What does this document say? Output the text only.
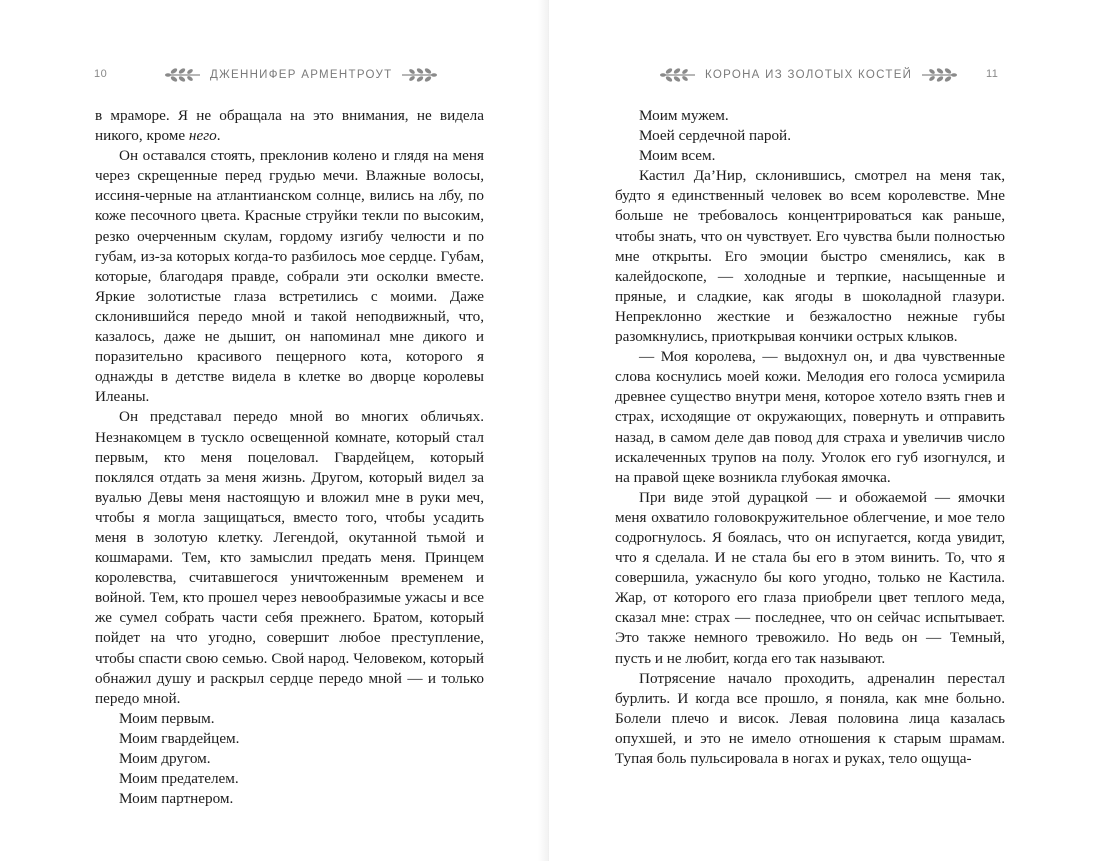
10	ДЖЕННИФЕР АРМЕНТРОУТ

в мраморе. Я не обращала на это внимания, не видела никого, кроме него.

Он оставался стоять, преклонив колено и глядя на меня через скрещенные перед грудью мечи. Влажные волосы, иссиня-черные на атлантианском солнце, вились на лбу, по коже песочного цвета. Красные струйки текли по высоким, резко очерченным скулам, гордому изгибу челюсти и по губам, из-за которых когда-то разбилось мое сердце. Губам, которые, благодаря правде, собрали эти осколки вместе. Яркие золотистые глаза встретились с моими. Даже склонившийся передо мной и такой неподвижный, что, казалось, даже не дышит, он напоминал мне дикого и поразительно красивого пещерного кота, которого я однажды в детстве видела в клетке во дворце королевы Илеаны.

Он представал передо мной во многих обличьях. Незнакомцем в тускло освещенной комнате, который стал первым, кто меня поцеловал. Гвардейцем, который поклялся отдать за меня жизнь. Другом, который видел за вуалью Девы меня настоящую и вложил мне в руки меч, чтобы я могла защищаться, вместо того, чтобы усадить меня в золотую клетку. Легендой, окутанной тьмой и кошмарами. Тем, кто замыслил предать меня. Принцем королевства, считавшегося уничтоженным временем и войной. Тем, кто прошел через невообразимые ужасы и все же сумел собрать части себя прежнего. Братом, который пойдет на что угодно, совершит любое преступление, чтобы спасти свою семью. Свой народ. Человеком, который обнажил душу и раскрыл сердце передо мной — и только передо мной.

Моим первым.

Моим гвардейцем.

Моим другом.

Моим предателем.

Моим партнером.

КОРОНА ИЗ ЗОЛОТЫХ КОСТЕЙ	11

Моим мужем.

Моей сердечной парой.

Моим всем.

Кастил Да’Нир, склонившись, смотрел на меня так, будто я единственный человек во всем королевстве. Мне больше не требовалось концентрироваться как раньше, чтобы знать, что он чувствует. Его чувства были полностью мне открыты. Его эмоции быстро сменялись, как в калейдоскопе, — холодные и терпкие, насыщенные и пряные, и сладкие, как ягоды в шоколадной глазури. Непреклонно жесткие и безжалостно нежные губы разомкнулись, приоткрывая кончики острых клыков.

— Моя королева, — выдохнул он, и два чувственные слова коснулись моей кожи. Мелодия его голоса усмирила древнее существо внутри меня, которое хотело взять гнев и страх, исходящие от окружающих, повернуть и отправить назад, в самом деле дав повод для страха и увеличив число искалеченных трупов на полу. Уголок его губ изогнулся, и на правой щеке возникла глубокая ямочка.

При виде этой дурацкой — и обожаемой — ямочки меня охватило головокружительное облегчение, и мое тело содрогнулось. Я боялась, что он испугается, когда увидит, что я сделала. И не стала бы его в этом винить. То, что я совершила, ужаснуло бы кого угодно, только не Кастила. Жар, от которого его глаза приобрели цвет теплого меда, сказал мне: страх — последнее, что он сейчас испытывает. Это также немного тревожило. Но ведь он — Темный, пусть и не любит, когда его так называют.

Потрясение начало проходить, адреналин перестал бурлить. И когда все прошло, я поняла, как мне больно. Болели плечо и висок. Левая половина лица казалась опухшей, и это не имело отношения к старым шрамам. Тупая боль пульсировала в ногах и руках, тело ощуща-
